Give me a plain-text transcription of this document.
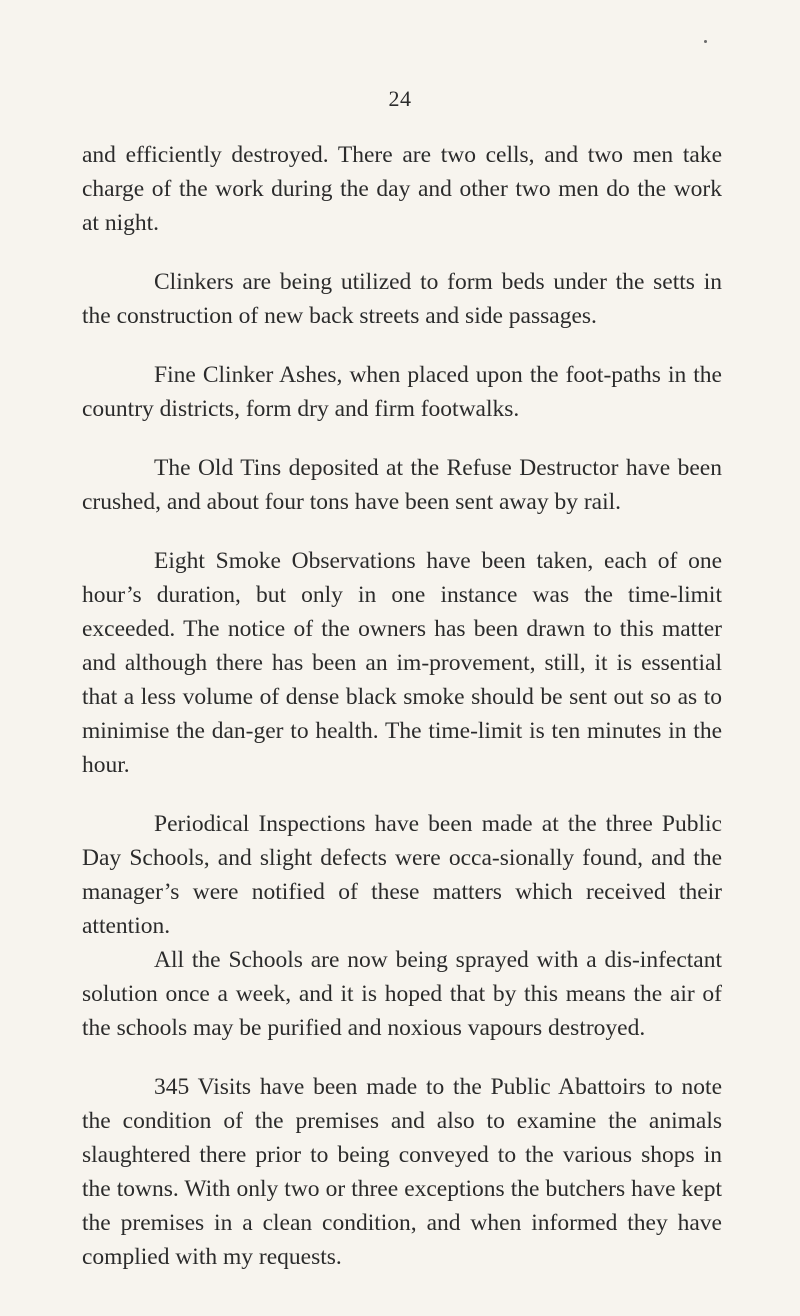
24

and efficiently destroyed. There are two cells, and two men take charge of the work during the day and other two men do the work at night.

Clinkers are being utilized to form beds under the setts in the construction of new back streets and side passages.

Fine Clinker Ashes, when placed upon the foot-paths in the country districts, form dry and firm footwalks.

The Old Tins deposited at the Refuse Destructor have been crushed, and about four tons have been sent away by rail.

Eight Smoke Observations have been taken, each of one hour’s duration, but only in one instance was the time-limit exceeded. The notice of the owners has been drawn to this matter and although there has been an im-provement, still, it is essential that a less volume of dense black smoke should be sent out so as to minimise the dan-ger to health. The time-limit is ten minutes in the hour.

Periodical Inspections have been made at the three Public Day Schools, and slight defects were occa-sionally found, and the manager’s were notified of these matters which received their attention.

All the Schools are now being sprayed with a dis-infectant solution once a week, and it is hoped that by this means the air of the schools may be purified and noxious vapours destroyed.

345 Visits have been made to the Public Abattoirs to note the condition of the premises and also to examine the animals slaughtered there prior to being conveyed to the various shops in the towns. With only two or three exceptions the butchers have kept the premises in a clean condition, and when informed they have complied with my requests.
